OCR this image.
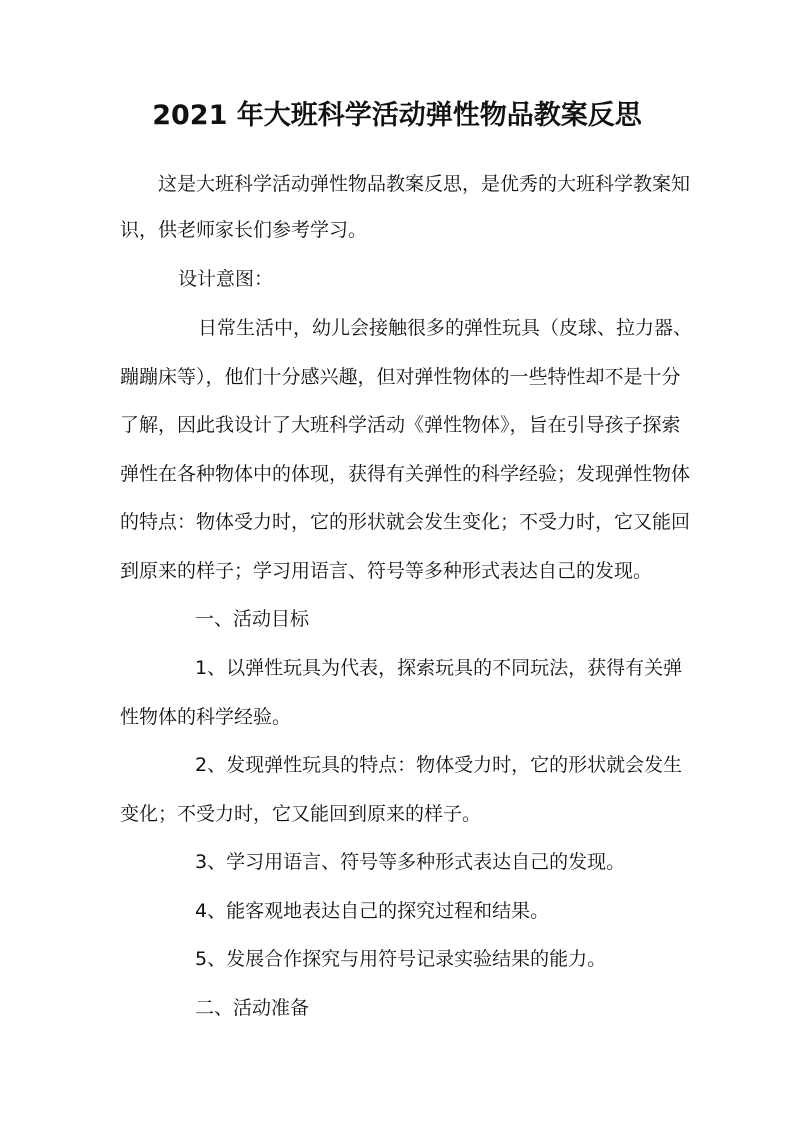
2021 年大班科学活动弹性物品教案反思

这是大班科学活动弹性物品教案反思，是优秀的大班科学教案知

识，供老师家长们参考学习。

设计意图：

日常生活中，幼儿会接触很多的弹性玩具（皮球、拉力器、

蹦蹦床等），他们十分感兴趣，但对弹性物体的一些特性却不是十分

了解，因此我设计了大班科学活动《弹性物体》，旨在引导孩子探索

弹性在各种物体中的体现，获得有关弹性的科学经验；发现弹性物体

的特点：物体受力时，它的形状就会发生变化；不受力时，它又能回

到原来的样子；学习用语言、符号等多种形式表达自己的发现。

一、活动目标

1、以弹性玩具为代表，探索玩具的不同玩法，获得有关弹

性物体的科学经验。

2、发现弹性玩具的特点：物体受力时，它的形状就会发生

变化；不受力时，它又能回到原来的样子。

3、学习用语言、符号等多种形式表达自己的发现。

4、能客观地表达自己的探究过程和结果。

5、发展合作探究与用符号记录实验结果的能力。

二、活动准备
